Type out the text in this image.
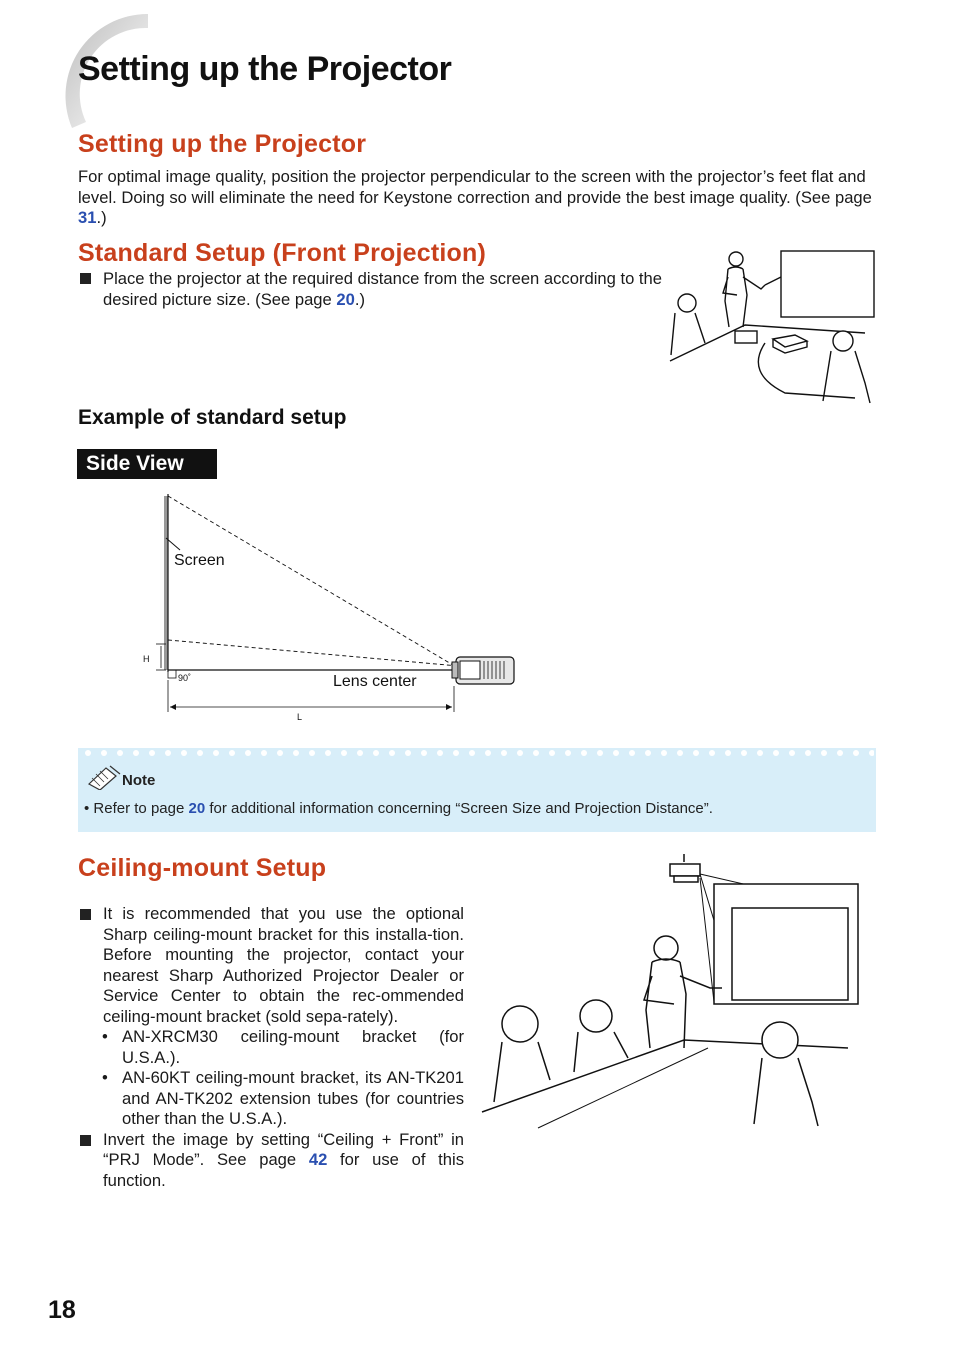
Setting up the Projector
Setting up the Projector

For optimal image quality, position the projector perpendicular to the screen with the projector’s feet flat and level. Doing so will eliminate the need for Keystone correction and provide the best image quality. (See page 31.)

Standard Setup (Front Projection)

Place the projector at the required distance from the screen according to the desired picture size. (See page 20.)

Example of standard setup
Side View
Screen
90˚
H
Lens center
L
Note
• Refer to page 20 for additional information concerning “Screen Size and Projection Distance”.
Ceiling-mount Setup
It is recommended that you use the optional Sharp ceiling-mount bracket for this installa-tion. Before mounting the projector, contact your nearest Sharp Authorized Projector Dealer or Service Center to obtain the rec-ommended ceiling-mount bracket (sold sepa-rately).
• AN-XRCM30 ceiling-mount bracket (for U.S.A.).
• AN-60KT ceiling-mount bracket, its AN-TK201 and AN-TK202 extension tubes (for countries other than the U.S.A.).
Invert the image by setting “Ceiling + Front” in “PRJ Mode”. See page 42 for use of this function.
18
